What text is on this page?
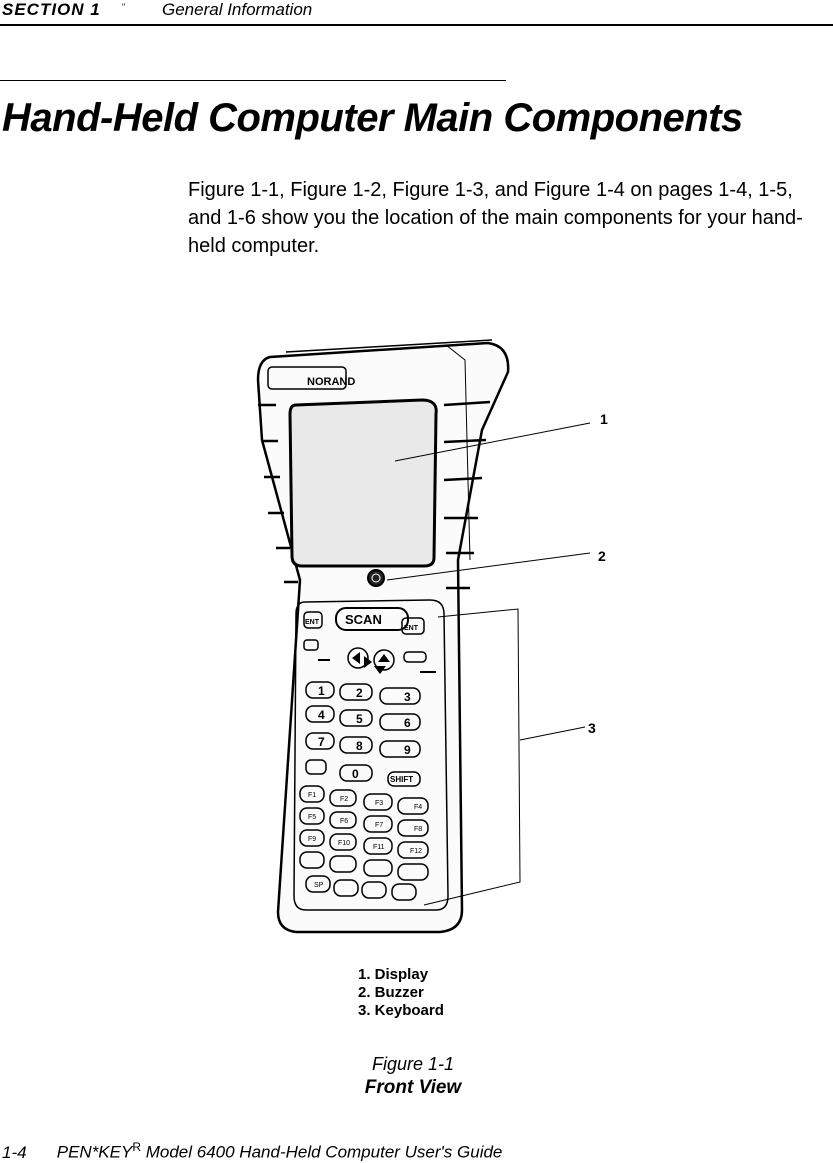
SECTION 1 " General Information
Hand-Held Computer Main Components

Figure 1-1, Figure 1-2, Figure 1-3, and Figure 1-4 on pages 1-4, 1-5, and 1-6 show you the location of the main components for your hand-held computer.

NORAND
SCAN
ENT
ENT
SHIFT
1	2	3
4	5	6
7	8	9
0
F1
F2
F3
F4
F5
F6
F7
F8
F9
F10
F11
F12
SP
1
2
3
1. Display
2. Buzzer
3. Keyboard
Figure 1-1
Front View
1-4 $PEN*KEY^R$ Model 6400 Hand-Held Computer User's Guide
